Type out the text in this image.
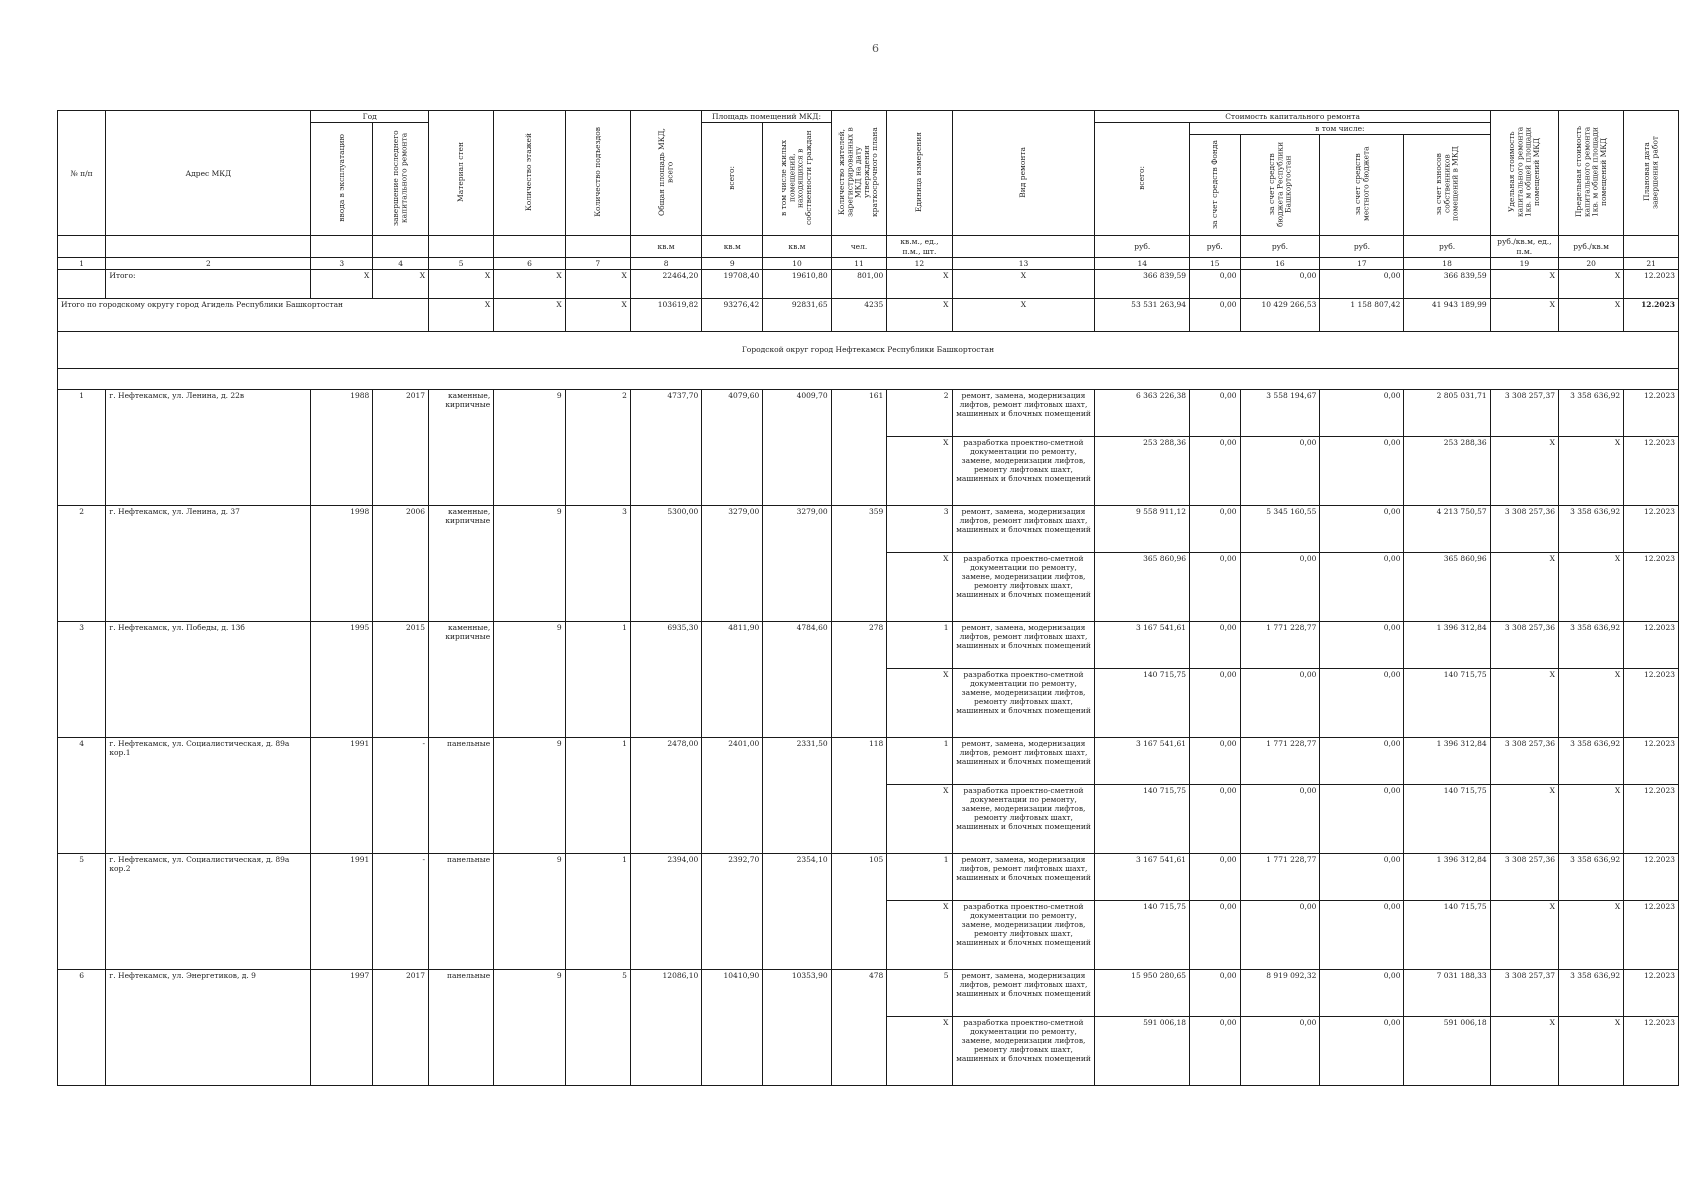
6
№ п/п	Адрес МКД	Год		Материал стен	Количество этажей	Количество подъездов	Общая площадь МКД, всего	Площадь помещений МКД:		Количество жителей, зарегистрированных в МКД на дату утверждения краткосрочного плана	Единица измерения	Вид ремонта	Стоимость капитального ремонта					Удельная стоимость капитального ремонта 1кв. м общей площади помещений МКД	Предельная стоимость капитального ремонта 1кв. м общей площади помещений МКД	Плановая дата завершения работ
		ввода в эксплуатацию	завершение последнего капитального ремонта					всего:	в том числе жилых помещений, находящихся в собственности граждан				всего:	в том числе:						
														за счет средств Фонда	за счет средств бюджета Республики Башкортостан	за счет средств местного бюджета	за счет взносов собственников помещений в МКД			
							кв.м	кв.м	кв.м	чел.	кв.м., ед., п.м., шт.		руб.	руб.	руб.	руб.	руб.	руб./кв.м, ед., п.м.	руб./кв.м	
1	2	3	4	5	6	7	8	9	10	11	12	13	14	15	16	17	18	19	20	21
	Итого:	X	X	X	X	X	22464,20	19708,40	19610,80	801,00	X	X	366 839,59	0,00	0,00	0,00	366 839,59	X	X	12.2023
Итого по городскому округу город Агидель Республики Башкортостан				X	X	X	103619,82	93276,42	92831,65	4235	X	X	53 531 263,94	0,00	10 429 266,53	1 158 807,42	41 943 189,99	X	X	12.2023
Городской округ город Нефтекамск Республики Башкортостан																				

1	г. Нефтекамск, ул. Ленина, д. 22в	1988	2017	каменные, кирпичные	9	2	4737,70	4079,60	4009,70	161	2	ремонт, замена, модернизация лифтов, ремонт лифтовых шахт, машинных и блочных помещений	6 363 226,38	0,00	3 558 194,67	0,00	2 805 031,71	3 308 257,37	3 358 636,92	12.2023
											X	разработка проектно-сметной документации по ремонту, замене, модернизации лифтов, ремонту лифтовых шахт, машинных и блочных помещений	253 288,36	0,00	0,00	0,00	253 288,36	X	X	12.2023
2	г. Нефтекамск, ул. Ленина, д. 37	1998	2006	каменные, кирпичные	9	3	5300,00	3279,00	3279,00	359	3	ремонт, замена, модернизация лифтов, ремонт лифтовых шахт, машинных и блочных помещений	9 558 911,12	0,00	5 345 160,55	0,00	4 213 750,57	3 308 257,36	3 358 636,92	12.2023
											X	разработка проектно-сметной документации по ремонту, замене, модернизации лифтов, ремонту лифтовых шахт, машинных и блочных помещений	365 860,96	0,00	0,00	0,00	365 860,96	X	X	12.2023
3	г. Нефтекамск, ул. Победы, д. 13б	1995	2015	каменные, кирпичные	9	1	6935,30	4811,90	4784,60	278	1	ремонт, замена, модернизация лифтов, ремонт лифтовых шахт, машинных и блочных помещений	3 167 541,61	0,00	1 771 228,77	0,00	1 396 312,84	3 308 257,36	3 358 636,92	12.2023
											X	разработка проектно-сметной документации по ремонту, замене, модернизации лифтов, ремонту лифтовых шахт, машинных и блочных помещений	140 715,75	0,00	0,00	0,00	140 715,75	X	X	12.2023
4	г. Нефтекамск, ул. Социалистическая, д. 89а кор.1	1991	-	панельные	9	1	2478,00	2401,00	2331,50	118	1	ремонт, замена, модернизация лифтов, ремонт лифтовых шахт, машинных и блочных помещений	3 167 541,61	0,00	1 771 228,77	0,00	1 396 312,84	3 308 257,36	3 358 636,92	12.2023
											X	разработка проектно-сметной документации по ремонту, замене, модернизации лифтов, ремонту лифтовых шахт, машинных и блочных помещений	140 715,75	0,00	0,00	0,00	140 715,75	X	X	12.2023
5	г. Нефтекамск, ул. Социалистическая, д. 89а кор.2	1991	-	панельные	9	1	2394,00	2392,70	2354,10	105	1	ремонт, замена, модернизация лифтов, ремонт лифтовых шахт, машинных и блочных помещений	3 167 541,61	0,00	1 771 228,77	0,00	1 396 312,84	3 308 257,36	3 358 636,92	12.2023
											X	разработка проектно-сметной документации по ремонту, замене, модернизации лифтов, ремонту лифтовых шахт, машинных и блочных помещений	140 715,75	0,00	0,00	0,00	140 715,75	X	X	12.2023
6	г. Нефтекамск, ул. Энергетиков, д. 9	1997	2017	панельные	9	5	12086,10	10410,90	10353,90	478	5	ремонт, замена, модернизация лифтов, ремонт лифтовых шахт, машинных и блочных помещений	15 950 280,65	0,00	8 919 092,32	0,00	7 031 188,33	3 308 257,37	3 358 636,92	12.2023
											X	разработка проектно-сметной документации по ремонту, замене, модернизации лифтов, ремонту лифтовых шахт, машинных и блочных помещений	591 006,18	0,00	0,00	0,00	591 006,18	X	X	12.2023
